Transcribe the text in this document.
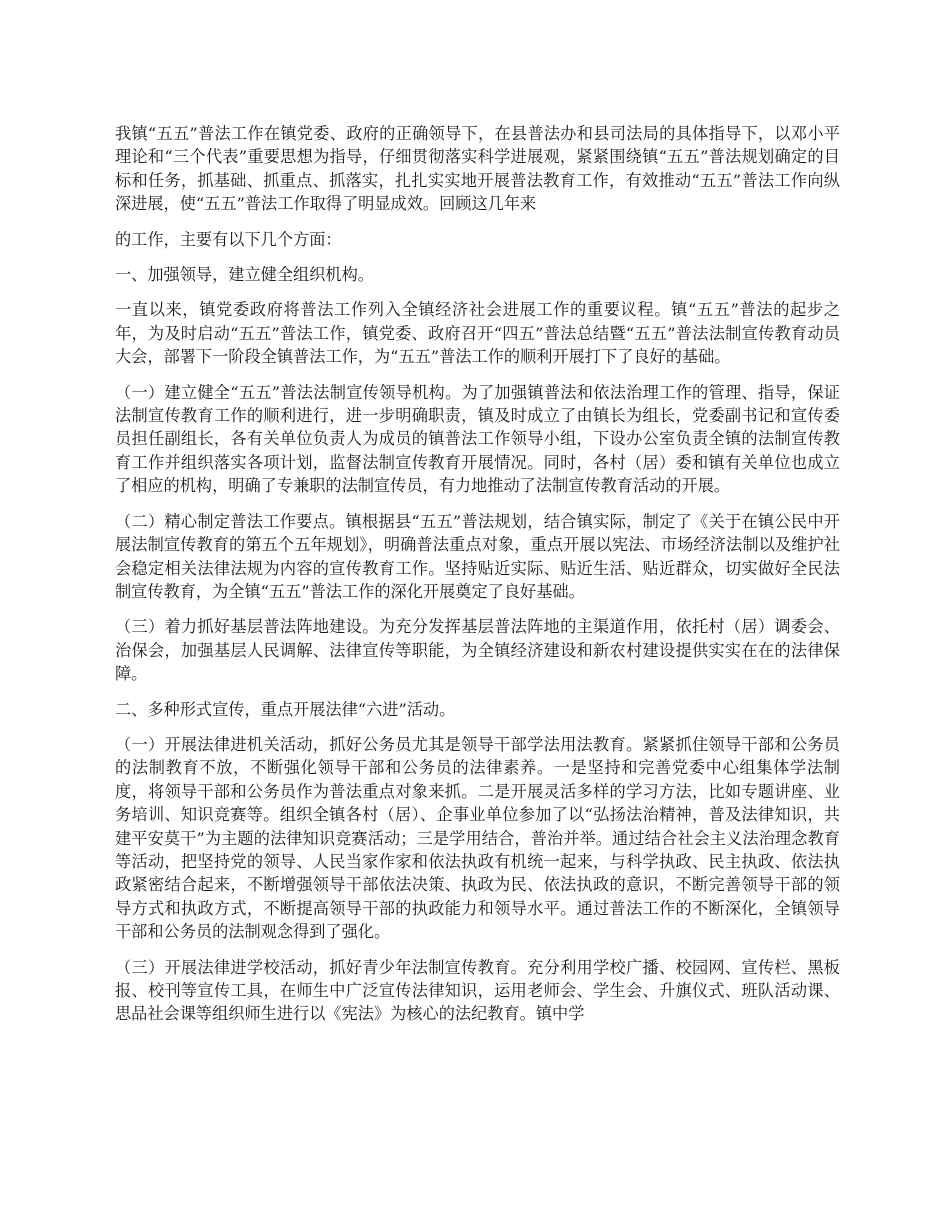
我镇“五五”普法工作在镇党委、政府的正确领导下，在县普法办和县司法局的具体指导下，以邓小平理论和“三个代表”重要思想为指导，仔细贯彻落实科学进展观，紧紧围绕镇“五五”普法规划确定的目标和任务，抓基础、抓重点、抓落实，扎扎实实地开展普法教育工作，有效推动“五五”普法工作向纵深进展，使“五五”普法工作取得了明显成效。回顾这几年来

的工作，主要有以下几个方面：

一、加强领导，建立健全组织机构。

一直以来，镇党委政府将普法工作列入全镇经济社会进展工作的重要议程。镇“五五”普法的起步之年，为及时启动“五五”普法工作，镇党委、政府召开“四五”普法总结暨“五五”普法法制宣传教育动员大会，部署下一阶段全镇普法工作，为“五五”普法工作的顺利开展打下了良好的基础。

（一）建立健全“五五”普法法制宣传领导机构。为了加强镇普法和依法治理工作的管理、指导，保证法制宣传教育工作的顺利进行，进一步明确职责，镇及时成立了由镇长为组长，党委副书记和宣传委员担任副组长，各有关单位负责人为成员的镇普法工作领导小组，下设办公室负责全镇的法制宣传教育工作并组织落实各项计划，监督法制宣传教育开展情况。同时，各村（居）委和镇有关单位也成立了相应的机构，明确了专兼职的法制宣传员，有力地推动了法制宣传教育活动的开展。

（二）精心制定普法工作要点。镇根据县“五五”普法规划，结合镇实际，制定了《关于在镇公民中开展法制宣传教育的第五个五年规划》，明确普法重点对象，重点开展以宪法、市场经济法制以及维护社会稳定相关法律法规为内容的宣传教育工作。坚持贴近实际、贴近生活、贴近群众，切实做好全民法制宣传教育，为全镇“五五”普法工作的深化开展奠定了良好基础。

（三）着力抓好基层普法阵地建设。为充分发挥基层普法阵地的主渠道作用，依托村（居）调委会、治保会，加强基层人民调解、法律宣传等职能，为全镇经济建设和新农村建设提供实实在在的法律保障。

二、多种形式宣传，重点开展法律“六进”活动。

（一）开展法律进机关活动，抓好公务员尤其是领导干部学法用法教育。紧紧抓住领导干部和公务员的法制教育不放，不断强化领导干部和公务员的法律素养。一是坚持和完善党委中心组集体学法制度，将领导干部和公务员作为普法重点对象来抓。二是开展灵活多样的学习方法，比如专题讲座、业务培训、知识竞赛等。组织全镇各村（居）、企事业单位参加了以“弘扬法治精神，普及法律知识，共建平安莫干”为主题的法律知识竞赛活动；三是学用结合，普治并举。通过结合社会主义法治理念教育等活动，把坚持党的领导、人民当家作家和依法执政有机统一起来，与科学执政、民主执政、依法执政紧密结合起来，不断增强领导干部依法决策、执政为民、依法执政的意识，不断完善领导干部的领导方式和执政方式，不断提高领导干部的执政能力和领导水平。通过普法工作的不断深化，全镇领导干部和公务员的法制观念得到了强化。

（三）开展法律进学校活动，抓好青少年法制宣传教育。充分利用学校广播、校园网、宣传栏、黑板报、校刊等宣传工具，在师生中广泛宣传法律知识，运用老师会、学生会、升旗仪式、班队活动课、思品社会课等组织师生进行以《宪法》为核心的法纪教育。镇中学
